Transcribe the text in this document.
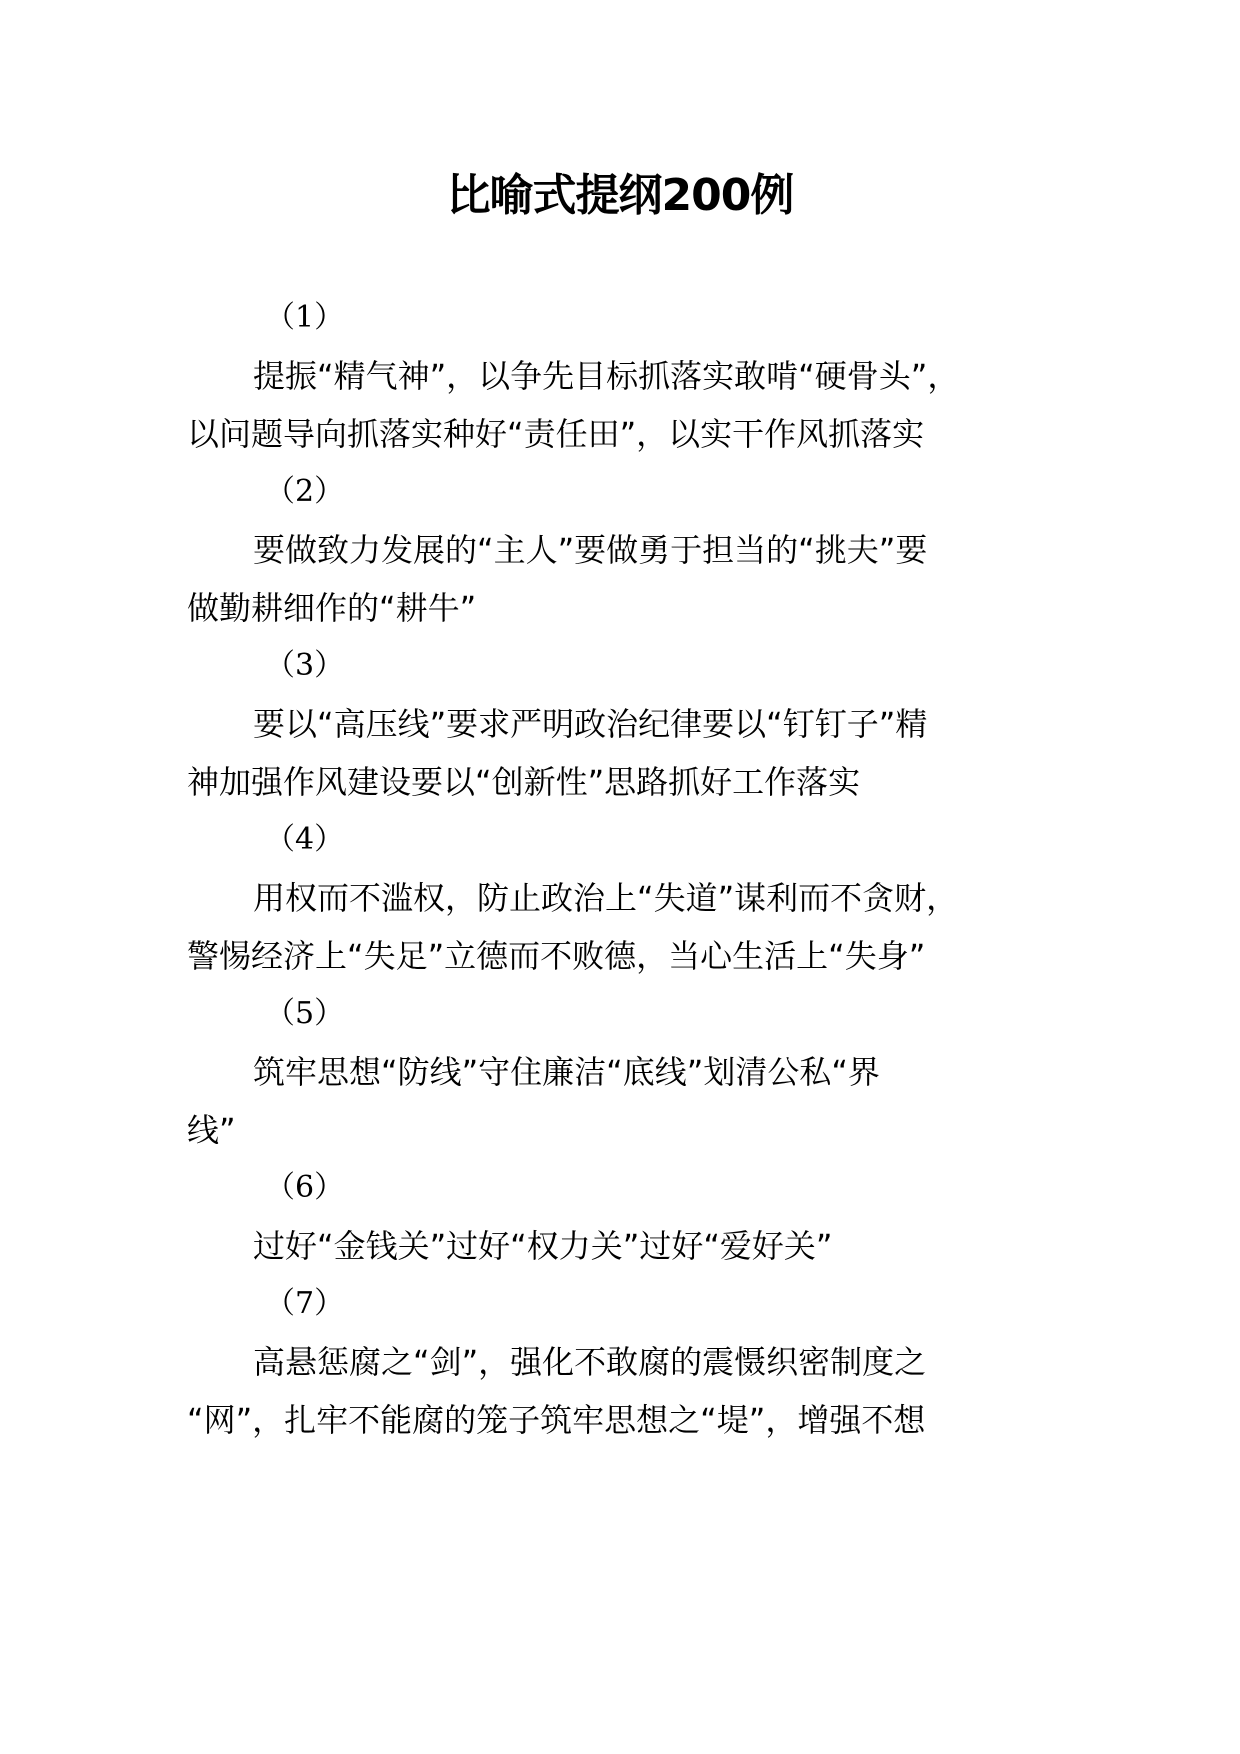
比喻式提纲200例
（1）
提振“精气神”，以争先目标抓落实敢啃“硬骨头”，
以问题导向抓落实种好“责任田”，以实干作风抓落实
（2）
要做致力发展的“主人”要做勇于担当的“挑夫”要
做勤耕细作的“耕牛”
（3）
要以“高压线”要求严明政治纪律要以“钉钉子”精
神加强作风建设要以“创新性”思路抓好工作落实
（4）
用权而不滥权，防止政治上“失道”谋利而不贪财，
警惕经济上“失足”立德而不败德，当心生活上“失身”
（5）
筑牢思想“防线”守住廉洁“底线”划清公私“界
线”
（6）
过好“金钱关”过好“权力关”过好“爱好关”
（7）
高悬惩腐之“剑”，强化不敢腐的震慑织密制度之
“网”，扎牢不能腐的笼子筑牢思想之“堤”，增强不想
